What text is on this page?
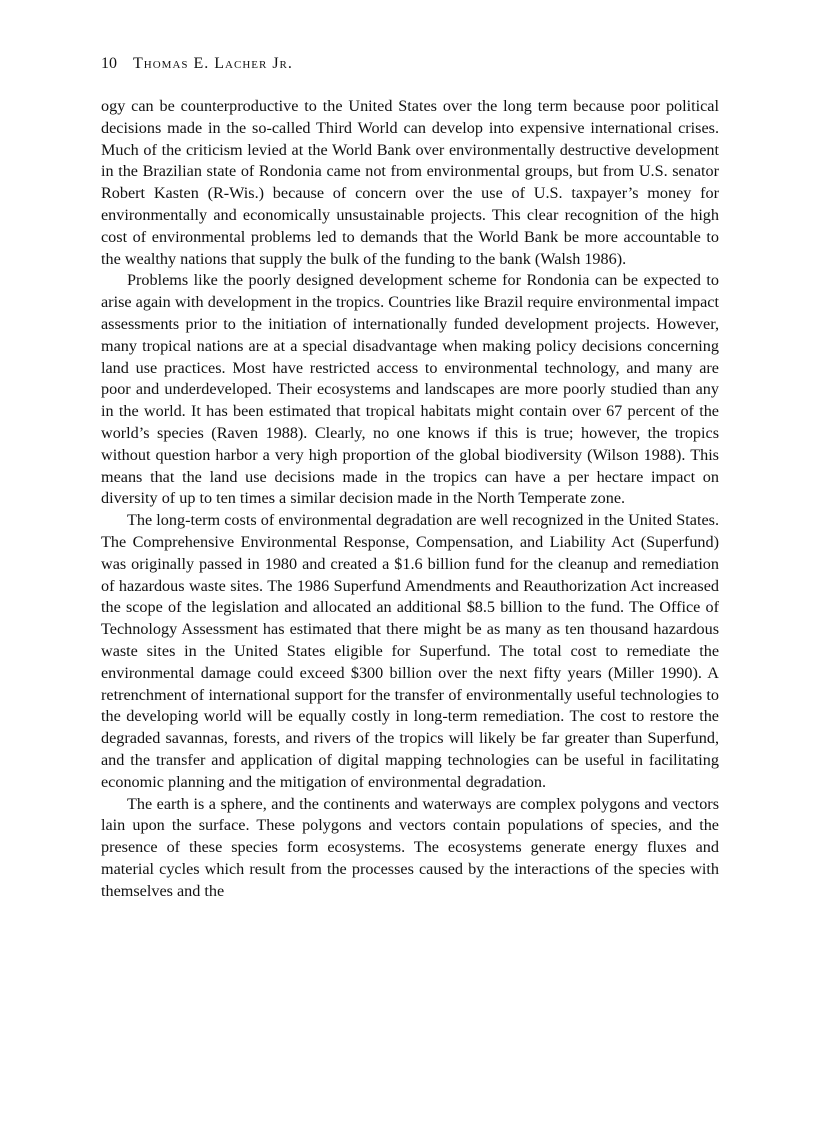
10 Thomas E. Lacher Jr.

ogy can be counterproductive to the United States over the long term because poor political decisions made in the so-called Third World can develop into expensive international crises. Much of the criticism levied at the World Bank over environmentally destructive development in the Brazilian state of Rondonia came not from environmental groups, but from U.S. senator Robert Kasten (R-Wis.) because of concern over the use of U.S. taxpayer’s money for environmentally and economically unsustainable projects. This clear recognition of the high cost of environmental problems led to demands that the World Bank be more accountable to the wealthy nations that supply the bulk of the funding to the bank (Walsh 1986).

Problems like the poorly designed development scheme for Rondonia can be expected to arise again with development in the tropics. Countries like Brazil require environmental impact assessments prior to the initiation of internationally funded development projects. However, many tropical nations are at a special disadvantage when making policy decisions concerning land use practices. Most have restricted access to environmental technology, and many are poor and underdeveloped. Their ecosystems and landscapes are more poorly studied than any in the world. It has been estimated that tropical habitats might contain over 67 percent of the world’s species (Raven 1988). Clearly, no one knows if this is true; however, the tropics without question harbor a very high proportion of the global biodiversity (Wilson 1988). This means that the land use decisions made in the tropics can have a per hectare impact on diversity of up to ten times a similar decision made in the North Temperate zone.

The long-term costs of environmental degradation are well recognized in the United States. The Comprehensive Environmental Response, Compensation, and Liability Act (Superfund) was originally passed in 1980 and created a $1.6 billion fund for the cleanup and remediation of hazardous waste sites. The 1986 Superfund Amendments and Reauthorization Act increased the scope of the legislation and allocated an additional $8.5 billion to the fund. The Office of Technology Assessment has estimated that there might be as many as ten thousand hazardous waste sites in the United States eligible for Superfund. The total cost to remediate the environmental damage could exceed $300 billion over the next fifty years (Miller 1990). A retrenchment of international support for the transfer of environmentally useful technologies to the developing world will be equally costly in long-term remediation. The cost to restore the degraded savannas, forests, and rivers of the tropics will likely be far greater than Superfund, and the transfer and application of digital mapping technologies can be useful in facilitating economic planning and the mitigation of environmental degradation.

The earth is a sphere, and the continents and waterways are complex polygons and vectors lain upon the surface. These polygons and vectors contain populations of species, and the presence of these species form ecosystems. The ecosystems generate energy fluxes and material cycles which result from the processes caused by the interactions of the species with themselves and the
